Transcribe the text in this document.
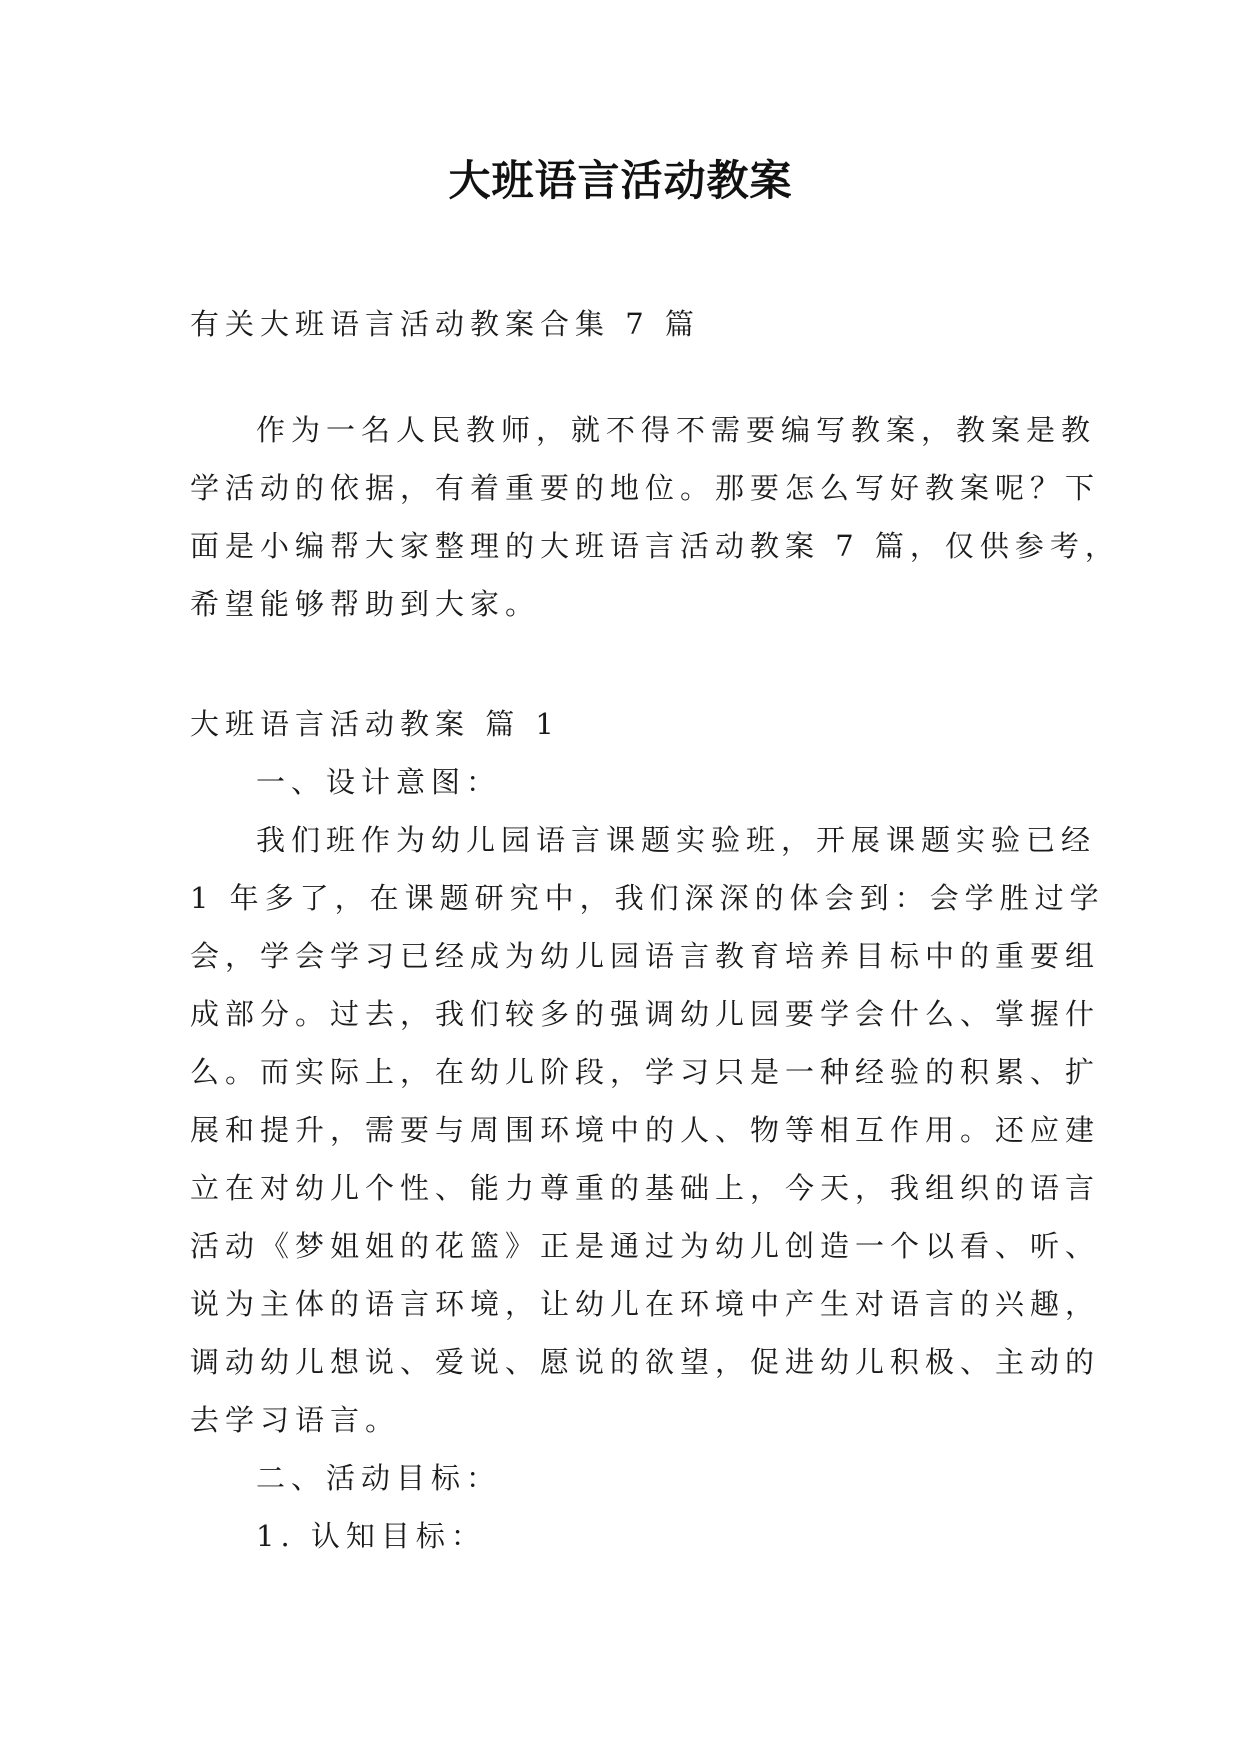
大班语言活动教案
有关大班语言活动教案合集 7 篇
作为一名人民教师，就不得不需要编写教案，教案是教
学活动的依据，有着重要的地位。那要怎么写好教案呢？下
面是小编帮大家整理的大班语言活动教案 7 篇，仅供参考，
希望能够帮助到大家。
大班语言活动教案 篇 1
一、设计意图：
我们班作为幼儿园语言课题实验班，开展课题实验已经
1 年多了，在课题研究中，我们深深的体会到：会学胜过学
会，学会学习已经成为幼儿园语言教育培养目标中的重要组
成部分。过去，我们较多的强调幼儿园要学会什么、掌握什
么。而实际上，在幼儿阶段，学习只是一种经验的积累、扩
展和提升，需要与周围环境中的人、物等相互作用。还应建
立在对幼儿个性、能力尊重的基础上，今天，我组织的语言
活动《梦姐姐的花篮》正是通过为幼儿创造一个以看、听、
说为主体的语言环境，让幼儿在环境中产生对语言的兴趣，
调动幼儿想说、爱说、愿说的欲望，促进幼儿积极、主动的
去学习语言。
二、活动目标：
1. 认知目标：
